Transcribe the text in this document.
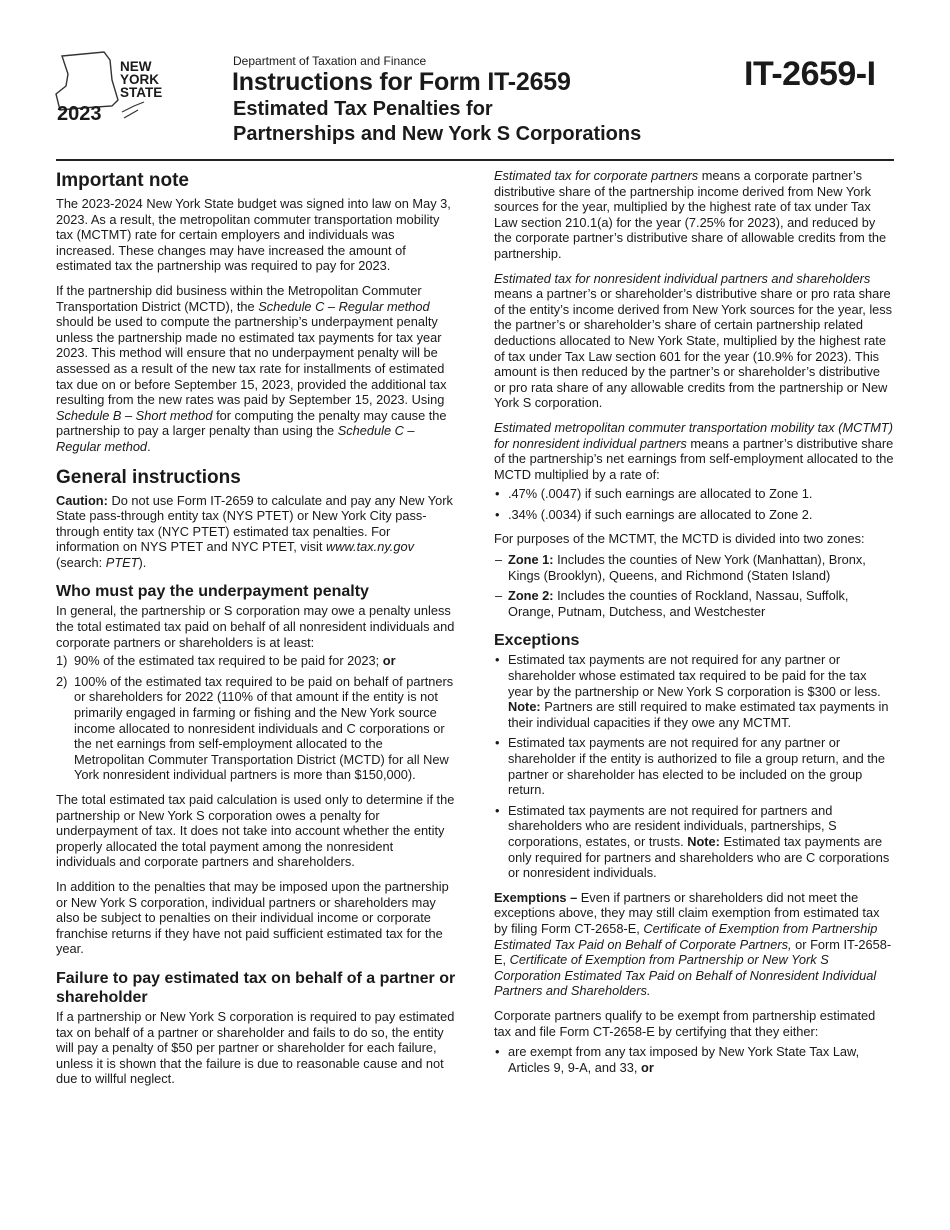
NEW YORK STATE
2023
Department of Taxation and Finance
Instructions for Form IT-2659
Estimated Tax Penalties for
Partnerships and New York S Corporations
IT-2659-I
Important note

The 2023-2024 New York State budget was signed into law on May 3, 2023. As a result, the metropolitan commuter transportation mobility tax (MCTMT) rate for certain employers and individuals was increased. These changes may have increased the amount of estimated tax the partnership was required to pay for 2023.

If the partnership did business within the Metropolitan Commuter Transportation District (MCTD), the Schedule C – Regular method should be used to compute the partnership’s underpayment penalty unless the partnership made no estimated tax payments for tax year 2023. This method will ensure that no underpayment penalty will be assessed as a result of the new tax rate for installments of estimated tax due on or before September 15, 2023, provided the additional tax resulting from the new rates was paid by September 15, 2023. Using Schedule B – Short method for computing the penalty may cause the partnership to pay a larger penalty than using the Schedule C – Regular method.

General instructions

Caution: Do not use Form IT-2659 to calculate and pay any New York State pass-through entity tax (NYS PTET) or New York City pass-through entity tax (NYC PTET) estimated tax penalties. For information on NYS PTET and NYC PTET, visit www.tax.ny.gov (search: PTET).

Who must pay the underpayment penalty

In general, the partnership or S corporation may owe a penalty unless the total estimated tax paid on behalf of all nonresident individuals and corporate partners or shareholders is at least:

1) 90% of the estimated tax required to be paid for 2023; or
2) 100% of the estimated tax required to be paid on behalf of partners or shareholders for 2022 (110% of that amount if the entity is not primarily engaged in farming or fishing and the New York source income allocated to nonresident individuals and C corporations or the net earnings from self-employment allocated to the Metropolitan Commuter Transportation District (MCTD) for all New York nonresident individual partners is more than $150,000).

The total estimated tax paid calculation is used only to determine if the partnership or New York S corporation owes a penalty for underpayment of tax. It does not take into account whether the entity properly allocated the total payment among the nonresident individuals and corporate partners and shareholders.

In addition to the penalties that may be imposed upon the partnership or New York S corporation, individual partners or shareholders may also be subject to penalties on their individual income or corporate franchise returns if they have not paid sufficient estimated tax for the year.

Failure to pay estimated tax on behalf of a partner or shareholder

If a partnership or New York S corporation is required to pay estimated tax on behalf of a partner or shareholder and fails to do so, the entity will pay a penalty of $50 per partner or shareholder for each failure, unless it is shown that the failure is due to reasonable cause and not due to willful neglect.

Estimated tax for corporate partners means a corporate partner’s distributive share of the partnership income derived from New York sources for the year, multiplied by the highest rate of tax under Tax Law section 210.1(a) for the year (7.25% for 2023), and reduced by the corporate partner’s distributive share of allowable credits from the partnership.

Estimated tax for nonresident individual partners and shareholders means a partner’s or shareholder’s distributive share or pro rata share of the entity’s income derived from New York sources for the year, less the partner’s or shareholder’s share of certain partnership related deductions allocated to New York State, multiplied by the highest rate of tax under Tax Law section 601 for the year (10.9% for 2023). This amount is then reduced by the partner’s or shareholder’s distributive or pro rata share of any allowable credits from the partnership or New York S corporation.

Estimated metropolitan commuter transportation mobility tax (MCTMT) for nonresident individual partners means a partner’s distributive share of the partnership’s net earnings from self-employment allocated to the MCTD multiplied by a rate of:

• .47% (.0047) if such earnings are allocated to Zone 1.
• .34% (.0034) if such earnings are allocated to Zone 2.

For purposes of the MCTMT, the MCTD is divided into two zones:

– Zone 1: Includes the counties of New York (Manhattan), Bronx, Kings (Brooklyn), Queens, and Richmond (Staten Island)
– Zone 2: Includes the counties of Rockland, Nassau, Suffolk, Orange, Putnam, Dutchess, and Westchester
Exceptions
• Estimated tax payments are not required for any partner or shareholder whose estimated tax required to be paid for the tax year by the partnership or New York S corporation is $300 or less. Note: Partners are still required to make estimated tax payments in their individual capacities if they owe any MCTMT.
• Estimated tax payments are not required for any partner or shareholder if the entity is authorized to file a group return, and the partner or shareholder has elected to be included on the group return.
• Estimated tax payments are not required for partners and shareholders who are resident individuals, partnerships, S corporations, estates, or trusts. Note: Estimated tax payments are only required for partners and shareholders who are C corporations or nonresident individuals.

Exemptions – Even if partners or shareholders did not meet the exceptions above, they may still claim exemption from estimated tax by filing Form CT-2658-E, Certificate of Exemption from Partnership Estimated Tax Paid on Behalf of Corporate Partners, or Form IT-2658-E, Certificate of Exemption from Partnership or New York S Corporation Estimated Tax Paid on Behalf of Nonresident Individual Partners and Shareholders.

Corporate partners qualify to be exempt from partnership estimated tax and file Form CT-2658-E by certifying that they either:

• are exempt from any tax imposed by New York State Tax Law, Articles 9, 9-A, and 33, or
